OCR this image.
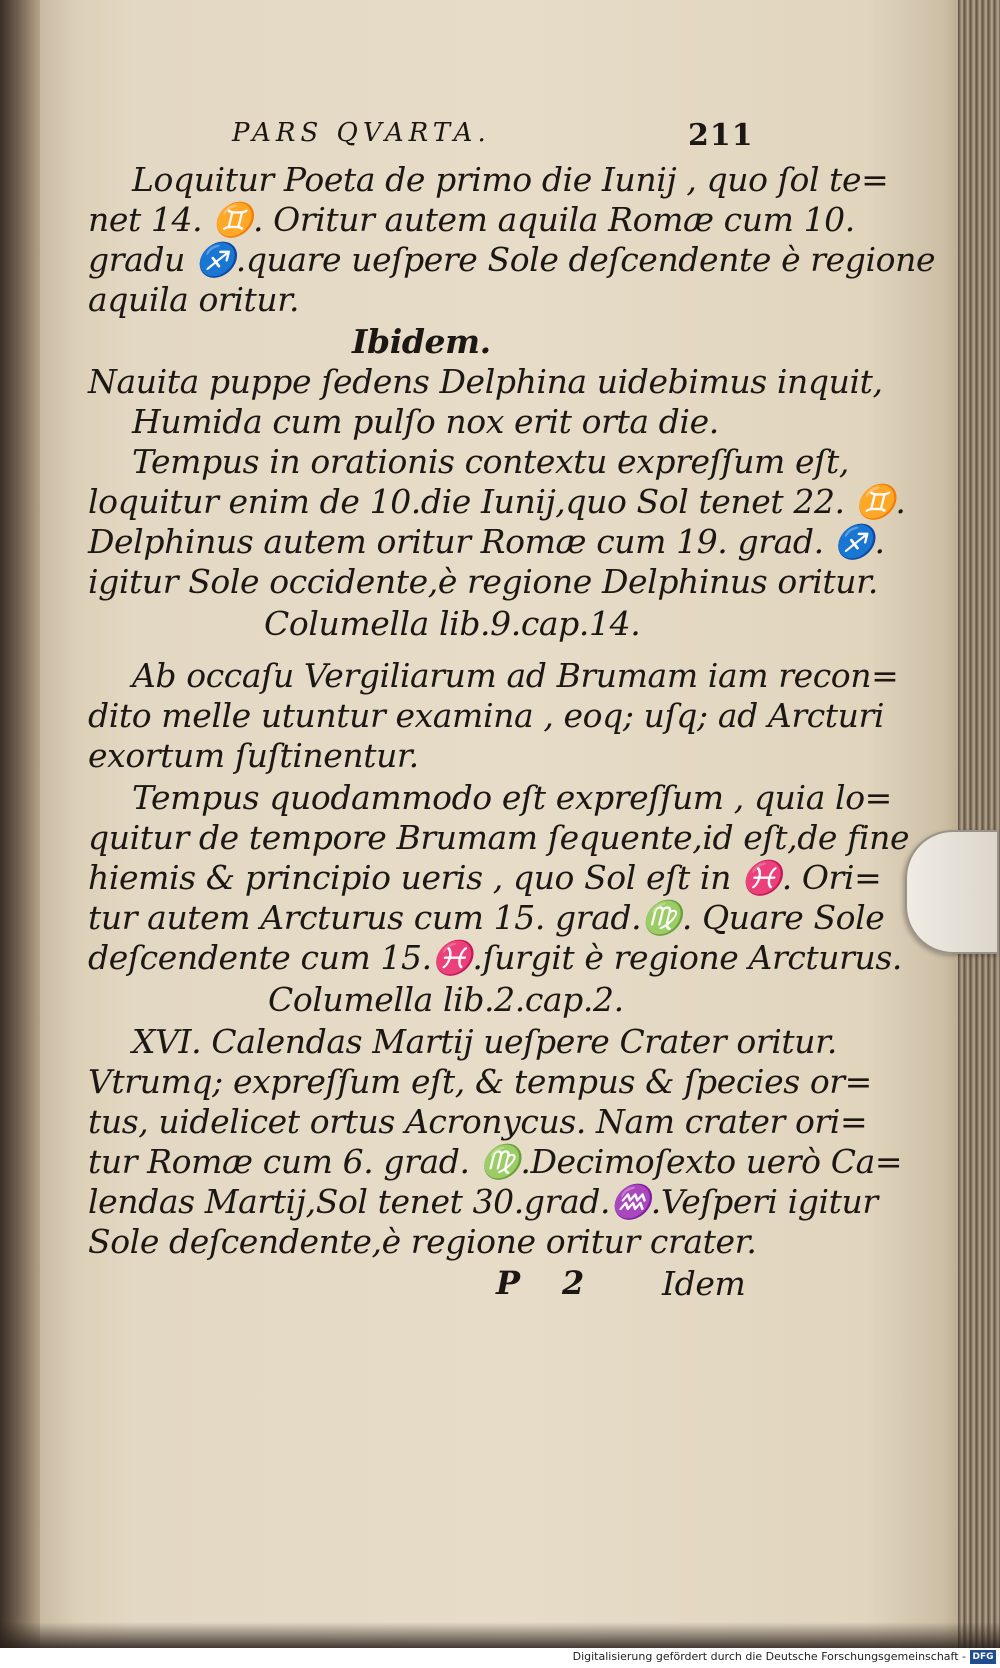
PARS QVARTA.	211
Loquitur Poeta de primo die Iunij , quo ſol te=
net 14. ♊. Oritur autem aquila Romæ cum 10.
gradu ♐.quare ueſpere Sole deſcendente è regione
aquila oritur.
Ibidem.
Nauita puppe ſedens Delphina uidebimus inquit,
Humida cum pulſo nox erit orta die.
Tempus in orationis contextu expreſſum eſt,
loquitur enim de 10.die Iunij,quo Sol tenet 22. ♊.
Delphinus autem oritur Romæ cum 19. grad. ♐.
igitur Sole occidente,è regione Delphinus oritur.
Columella lib.9.cap.14.
Ab occaſu Vergiliarum ad Brumam iam recon=
dito melle utuntur examina , eoq; uſq; ad Arcturi
exortum ſuſtinentur.
Tempus quodammodo eſt expreſſum , quia lo=
quitur de tempore Brumam ſequente,id eſt,de fine
hiemis & principio ueris , quo Sol eſt in ♓. Ori=
tur autem Arcturus cum 15. grad.♍. Quare Sole
deſcendente cum 15.♓.ſurgit è regione Arcturus.
Columella lib.2.cap.2.
XVI. Calendas Martij ueſpere Crater oritur.
Vtrumq; expreſſum eſt, & tempus & ſpecies or=
tus, uidelicet ortus Acronycus. Nam crater ori=
tur Romæ cum 6. grad. ♍.Decimoſexto uerò Ca=
lendas Martij,Sol tenet 30.grad.♒.Veſperi igitur
Sole deſcendente,è regione oritur crater.
P 2 Idem
Digitalisierung gefördert durch die Deutsche Forschungsgemeinschaft - DFG
